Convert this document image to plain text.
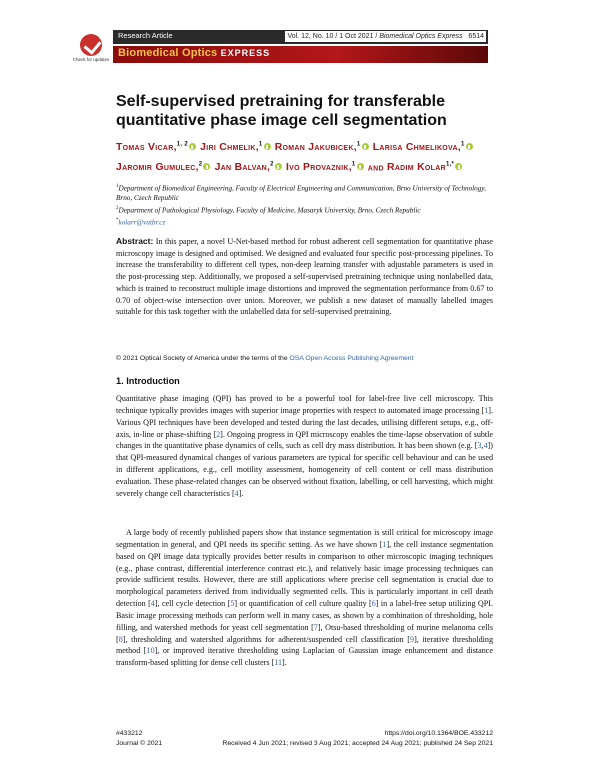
Check for updates
Research Article	Vol. 12, No. 10 / 1 Oct 2021 / Biomedical Optics Express 6514
Biomedical Optics EXPRESS
Self-supervised pretraining for transferable quantitative phase image cell segmentation
Tomas Vicar,$^{1, 2}$ Jiri Chmelik,$^1$ Roman Jakubicek,$^1$ Larisa Chmelikova,$^1$ Jaromir Gumulec,$^2$ Jan Balvan,$^2$ Ivo Provaznik,$^1$ and Radim Kolar$^{1,*}$
$^1$Department of Biomedical Engineering, Faculty of Electrical Engineering and Communication, Brno University of Technology, Brno, Czech Republic
$^2$Department of Pathological Physiology, Faculty of Medicine, Masaryk University, Brno, Czech Republic
*kolarr@vutbr.cz
Abstract: In this paper, a novel U-Net-based method for robust adherent cell segmentation for quantitative phase microscopy image is designed and optimised. We designed and evaluated four specific post-processing pipelines. To increase the transferability to different cell types, non-deep learning transfer with adjustable parameters is used in the post-processing step. Additionally, we proposed a self-supervised pretraining technique using nonlabelled data, which is trained to reconstruct multiple image distortions and improved the segmentation performance from 0.67 to 0.70 of object-wise intersection over union. Moreover, we publish a new dataset of manually labelled images suitable for this task together with the unlabelled data for self-supervised pretraining.
© 2021 Optical Society of America under the terms of the OSA Open Access Publishing Agreement
1. Introduction
Quantitative phase imaging (QPI) has proved to be a powerful tool for label-free live cell microscopy. This technique typically provides images with superior image properties with respect to automated image processing [1]. Various QPI techniques have been developed and tested during the last decades, utilising different setups, e.g., off-axis, in-line or phase-shifting [2]. Ongoing progress in QPI microscopy enables the time-lapse observation of subtle changes in the quantitative phase dynamics of cells, such as cell dry mass distribution. It has been shown (e.g. [3,4]) that QPI-measured dynamical changes of various parameters are typical for specific cell behaviour and can be used in different applications, e.g., cell motility assessment, homogeneity of cell content or cell mass distribution evaluation. These phase-related changes can be observed without fixation, labelling, or cell harvesting, which might severely change cell characteristics [4].
A large body of recently published papers show that instance segmentation is still critical for microscopy image segmentation in general, and QPI needs its specific setting. As we have shown [1], the cell instance segmentation based on QPI image data typically provides better results in comparison to other microscopic imaging techniques (e.g., phase contrast, differential interference contrast etc.), and relatively basic image processing techniques can provide sufficient results. However, there are still applications where precise cell segmentation is crucial due to morphological parameters derived from individually segmented cells. This is particularly important in cell death detection [4], cell cycle detection [5] or quantification of cell culture quality [6] in a label-free setup utilizing QPI. Basic image processing methods can perform well in many cases, as shown by a combination of thresholding, hole filling, and watershed methods for yeast cell segmentation [7], Otsu-based thresholding of murine melanoma cells [8], thresholding and watershed algorithms for adherent/suspended cell classification [9], iterative thresholding method [10], or improved iterative thresholding using Laplacian of Gaussian image enhancement and distance transform-based splitting for dense cell clusters [11].
#433212	https://doi.org/10.1364/BOE.433212
Journal © 2021	Received 4 Jun 2021; revised 3 Aug 2021; accepted 24 Aug 2021; published 24 Sep 2021
